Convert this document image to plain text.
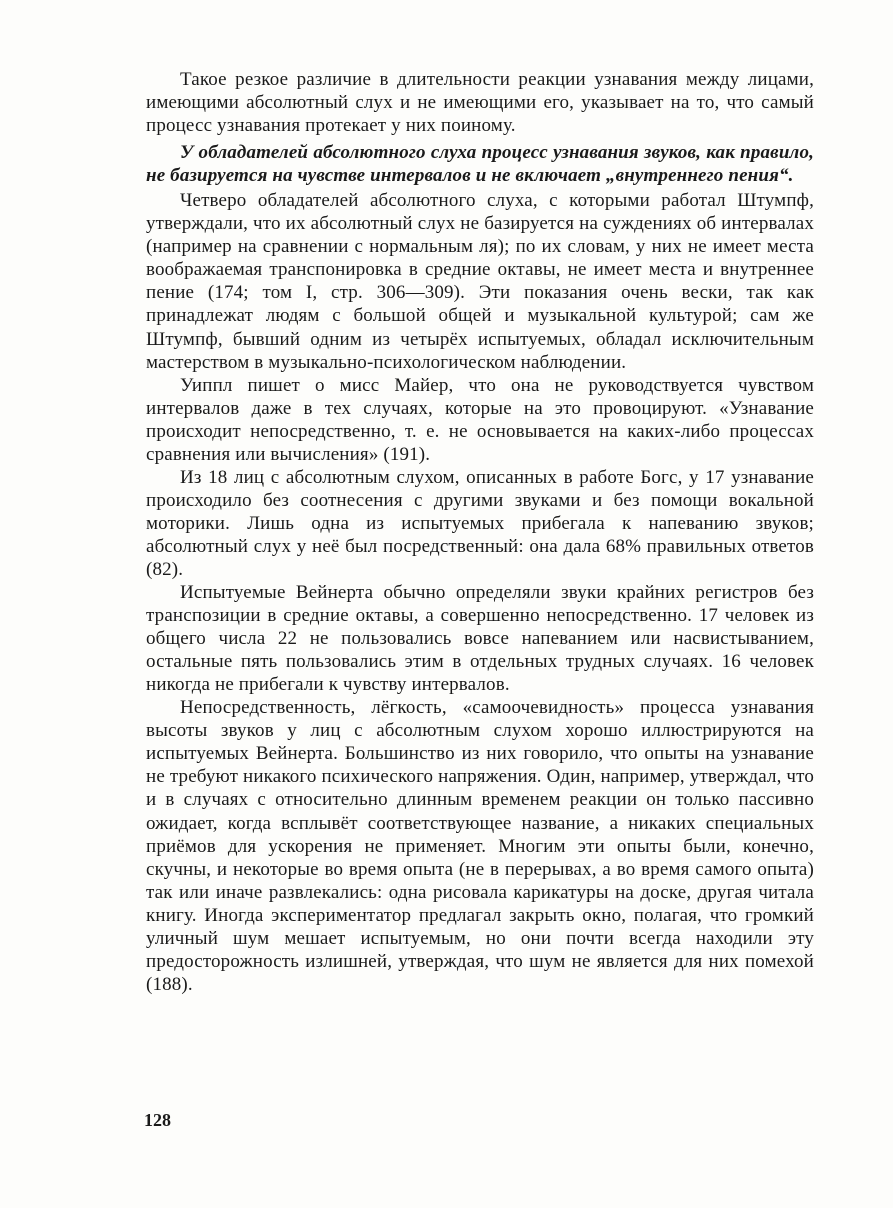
Такое резкое различие в длительности реакции узнавания между лицами, имеющими абсолютный слух и не имеющими его, указывает на то, что самый процесс узнавания протекает у них поиному.

У обладателей абсолютного слуха процесс узнавания звуков, как правило, не базируется на чувстве интервалов и не включает „внутреннего пения“.

Четверо обладателей абсолютного слуха, с которыми работал Штумпф, утверждали, что их абсолютный слух не базируется на суждениях об интервалах (например на сравнении с нормальным ля); по их словам, у них не имеет места воображаемая транспонировка в средние октавы, не имеет места и внутреннее пение (174; том I, стр. 306—309). Эти показания очень вески, так как принадлежат людям с большой общей и музыкальной культурой; сам же Штумпф, бывший одним из четырёх испытуемых, обладал исключительным мастерством в музыкально-психологическом наблюдении.

Уиппл пишет о мисс Майер, что она не руководствуется чувством интервалов даже в тех случаях, которые на это провоцируют. «Узнавание происходит непосредственно, т. е. не основывается на каких-либо процессах сравнения или вычисления» (191).

Из 18 лиц с абсолютным слухом, описанных в работе Богс, у 17 узнавание происходило без соотнесения с другими звуками и без помощи вокальной моторики. Лишь одна из испытуемых прибегала к напеванию звуков; абсолютный слух у неё был посредственный: она дала 68% правильных ответов (82).

Испытуемые Вейнерта обычно определяли звуки крайних регистров без транспозиции в средние октавы, а совершенно непосредственно. 17 человек из общего числа 22 не пользовались вовсе напеванием или насвистыванием, остальные пять пользовались этим в отдельных трудных случаях. 16 человек никогда не прибегали к чувству интервалов.

Непосредственность, лёгкость, «самоочевидность» процесса узнавания высоты звуков у лиц с абсолютным слухом хорошо иллюстрируются на испытуемых Вейнерта. Большинство из них говорило, что опыты на узнавание не требуют никакого психического напряжения. Один, например, утверждал, что и в случаях с относительно длинным временем реакции он только пассивно ожидает, когда всплывёт соответствующее название, а никаких специальных приёмов для ускорения не применяет. Многим эти опыты были, конечно, скучны, и некоторые во время опыта (не в перерывах, а во время самого опыта) так или иначе развлекались: одна рисовала карикатуры на доске, другая читала книгу. Иногда экспериментатор предлагал закрыть окно, полагая, что громкий уличный шум мешает испытуемым, но они почти всегда находили эту предосторожность излишней, утверждая, что шум не является для них помехой (188).

128
